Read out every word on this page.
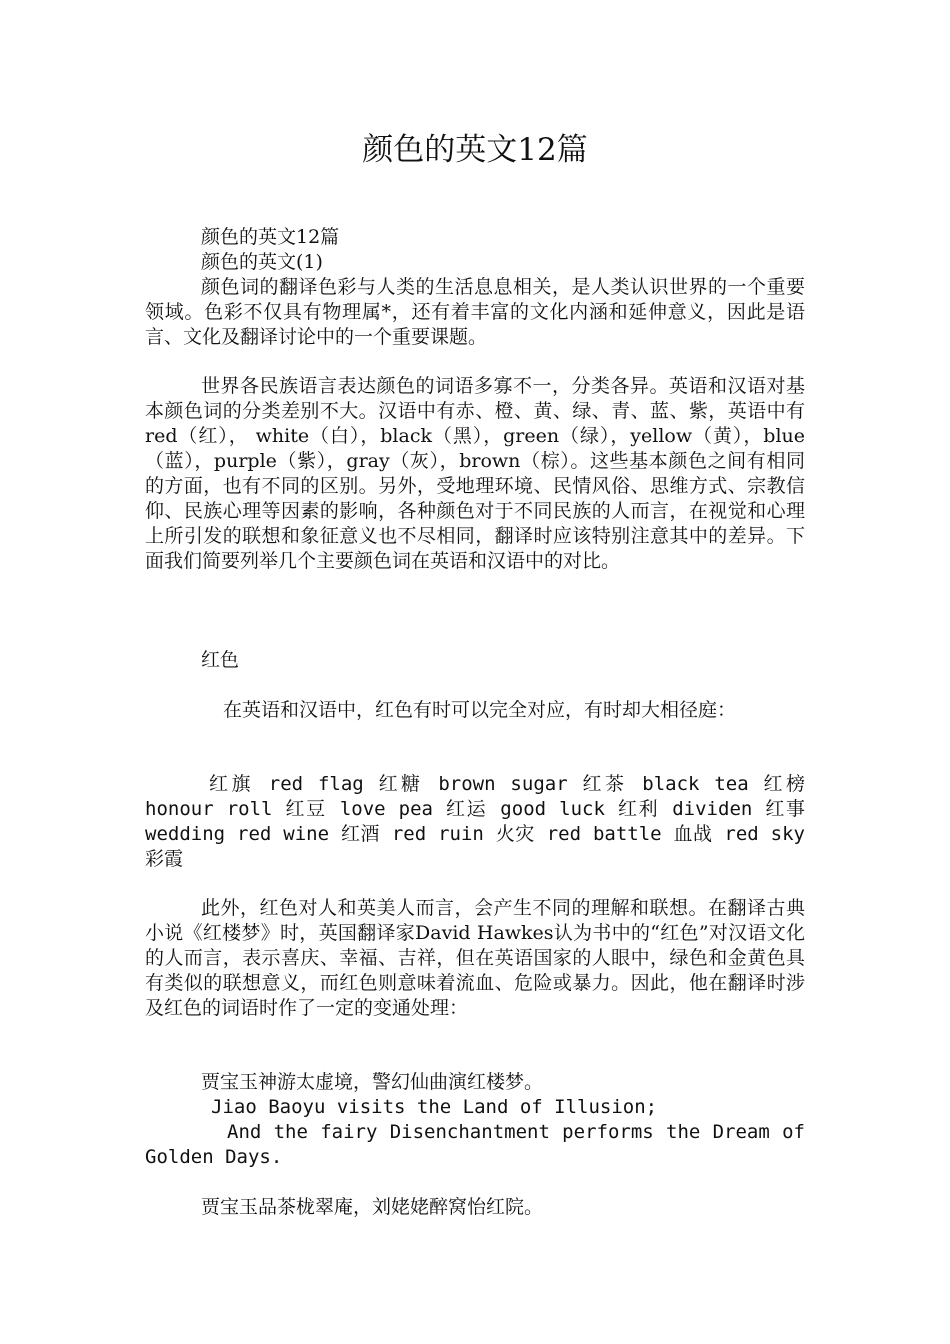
颜色的英文12篇

颜色的英文12篇

颜色的英文(1)

颜色词的翻译色彩与人类的生活息息相关，是人类认识世界的一个重要领域。色彩不仅具有物理属*，还有着丰富的文化内涵和延伸意义，因此是语言、文化及翻译讨论中的一个重要课题。

世界各民族语言表达颜色的词语多寡不一，分类各异。英语和汉语对基本颜色词的分类差别不大。汉语中有赤、橙、黄、绿、青、蓝、紫，英语中有red（红）， white（白），black（黑），green（绿），yellow（黄），blue（蓝），purple（紫），gray（灰），brown（棕）。这些基本颜色之间有相同的方面，也有不同的区别。另外，受地理环境、民情风俗、思维方式、宗教信仰、民族心理等因素的影响，各种颜色对于不同民族的人而言，在视觉和心理上所引发的联想和象征意义也不尽相同，翻译时应该特别注意其中的差异。下面我们简要列举几个主要颜色词在英语和汉语中的对比。

红色

在英语和汉语中，红色有时可以完全对应，有时却大相径庭：

红旗 red flag 红糖 brown sugar 红茶 black tea 红榜 honour roll 红豆 love pea 红运 good luck 红利 dividen 红事 wedding red wine 红酒 red ruin 火灾 red battle 血战 red sky 彩霞

此外，红色对人和英美人而言，会产生不同的理解和联想。在翻译古典小说《红楼梦》时，英国翻译家David Hawkes认为书中的“红色”对汉语文化的人而言，表示喜庆、幸福、吉祥，但在英语国家的人眼中，绿色和金黄色具有类似的联想意义，而红色则意味着流血、危险或暴力。因此，他在翻译时涉及红色的词语时作了一定的变通处理：

贾宝玉神游太虚境，警幻仙曲演红楼梦。

Jiao Baoyu visits the Land of Illusion;

And the fairy Disenchantment performs the Dream of Golden Days.

贾宝玉品茶栊翠庵，刘姥姥醉窝怡红院。
